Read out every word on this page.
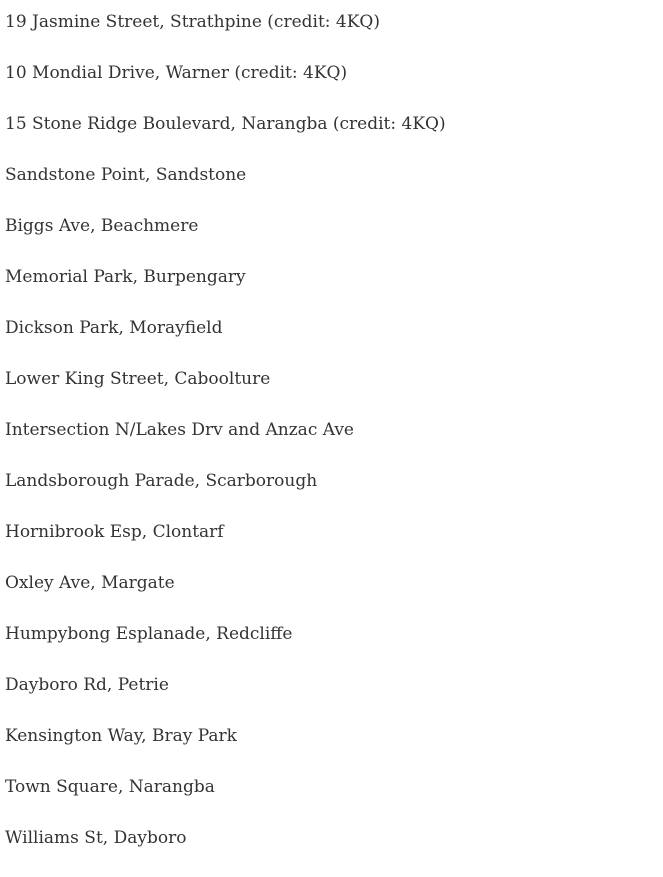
19 Jasmine Street, Strathpine (credit: 4KQ)
10 Mondial Drive, Warner (credit: 4KQ)
15 Stone Ridge Boulevard, Narangba (credit: 4KQ)
Sandstone Point, Sandstone
Biggs Ave, Beachmere
Memorial Park, Burpengary
Dickson Park, Morayfield
Lower King Street, Caboolture
Intersection N/Lakes Drv and Anzac Ave
Landsborough Parade, Scarborough
Hornibrook Esp, Clontarf
Oxley Ave, Margate
Humpybong Esplanade, Redcliffe
Dayboro Rd, Petrie
Kensington Way, Bray Park
Town Square, Narangba
Williams St, Dayboro
